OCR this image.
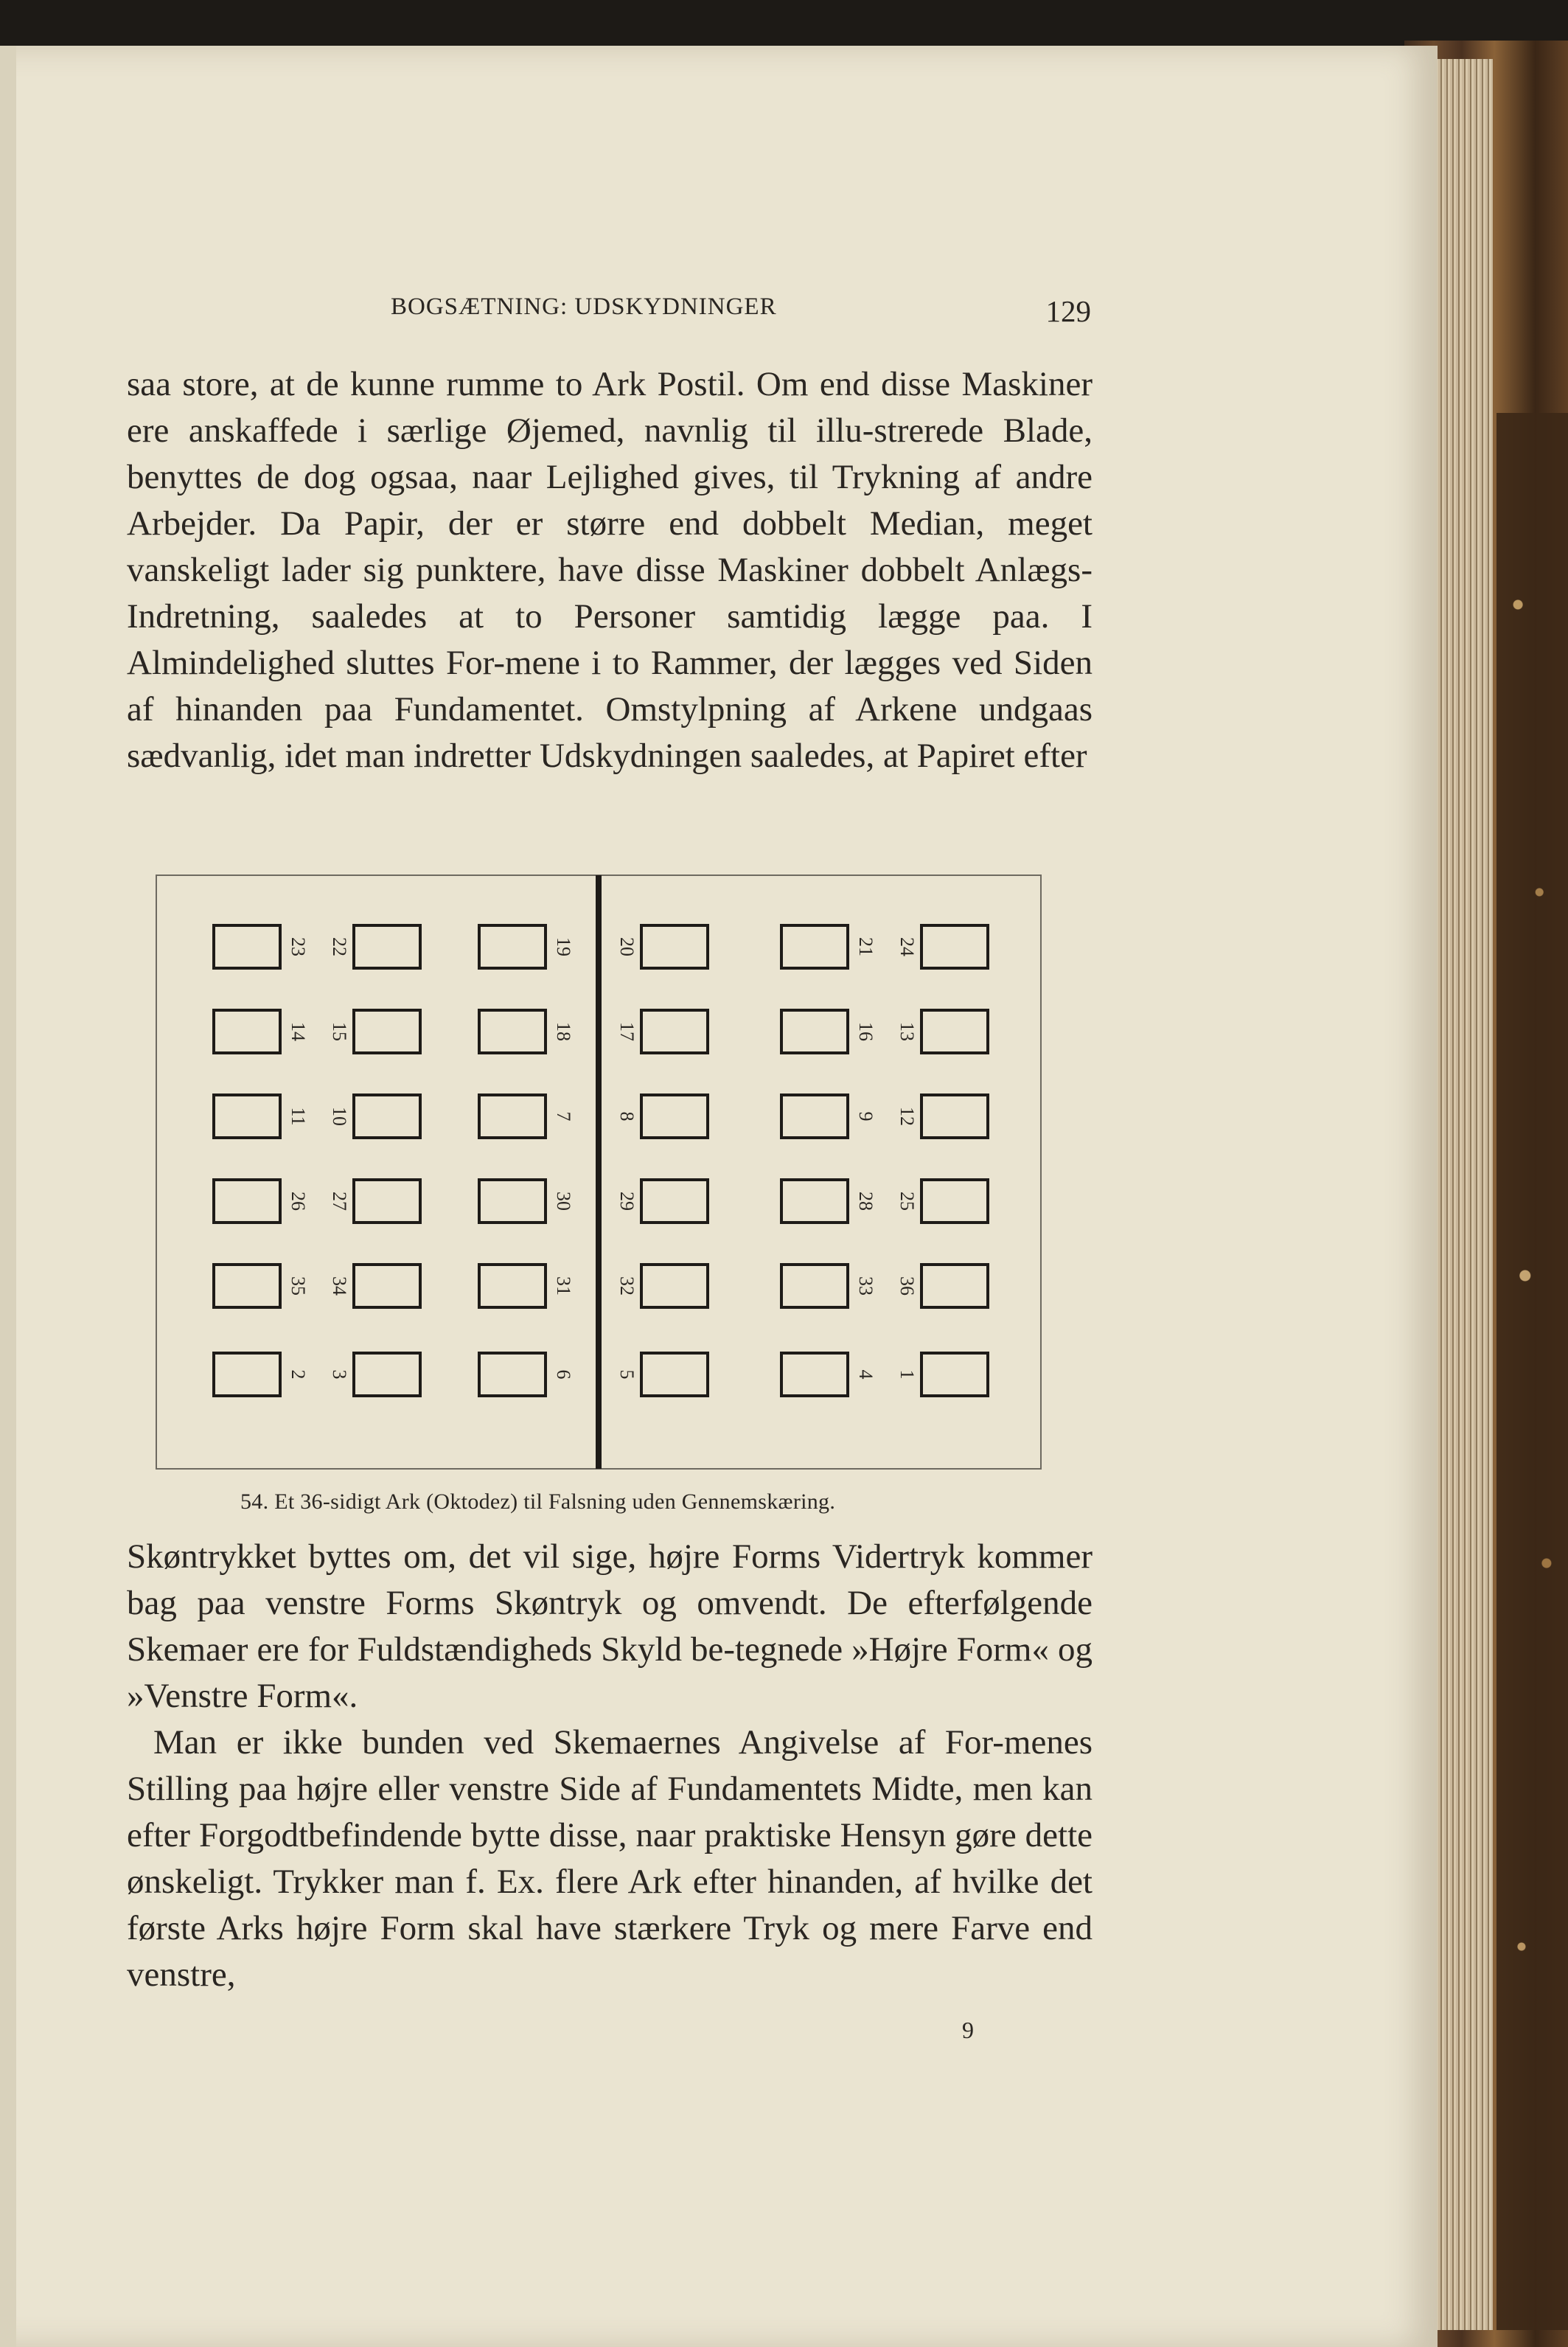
BOGSÆTNING: UDSKYDNINGER	129

saa store, at de kunne rumme to Ark Postil. Om end disse Maskiner ere anskaffede i særlige Øjemed, navnlig til illu-strerede Blade, benyttes de dog ogsaa, naar Lejlighed gives, til Trykning af andre Arbejder. Da Papir, der er større end dobbelt Median, meget vanskeligt lader sig punktere, have disse Maskiner dobbelt Anlægs-Indretning, saaledes at to Personer samtidig lægge paa. I Almindelighed sluttes For-mene i to Rammer, der lægges ved Siden af hinanden paa Fundamentet. Omstylpning af Arkene undgaas sædvanlig, idet man indretter Udskydningen saaledes, at Papiret efter

23 22	19 20	21 24
14 15	18 17	16 13
11 10	7 8	9 12
26 27	30 29	28 25
35 34	31 32	33 36
2 3	6 5	4 1
54. Et 36-sidigt Ark (Oktodez) til Falsning uden Gennemskæring.

Skøntrykket byttes om, det vil sige, højre Forms Vidertryk kommer bag paa venstre Forms Skøntryk og omvendt. De efterfølgende Skemaer ere for Fuldstændigheds Skyld be-tegnede »Højre Form« og »Venstre Form«.

Man er ikke bunden ved Skemaernes Angivelse af For-menes Stilling paa højre eller venstre Side af Fundamentets Midte, men kan efter Forgodtbefindende bytte disse, naar praktiske Hensyn gøre dette ønskeligt. Trykker man f. Ex. flere Ark efter hinanden, af hvilke det første Arks højre Form skal have stærkere Tryk og mere Farve end venstre,

9
